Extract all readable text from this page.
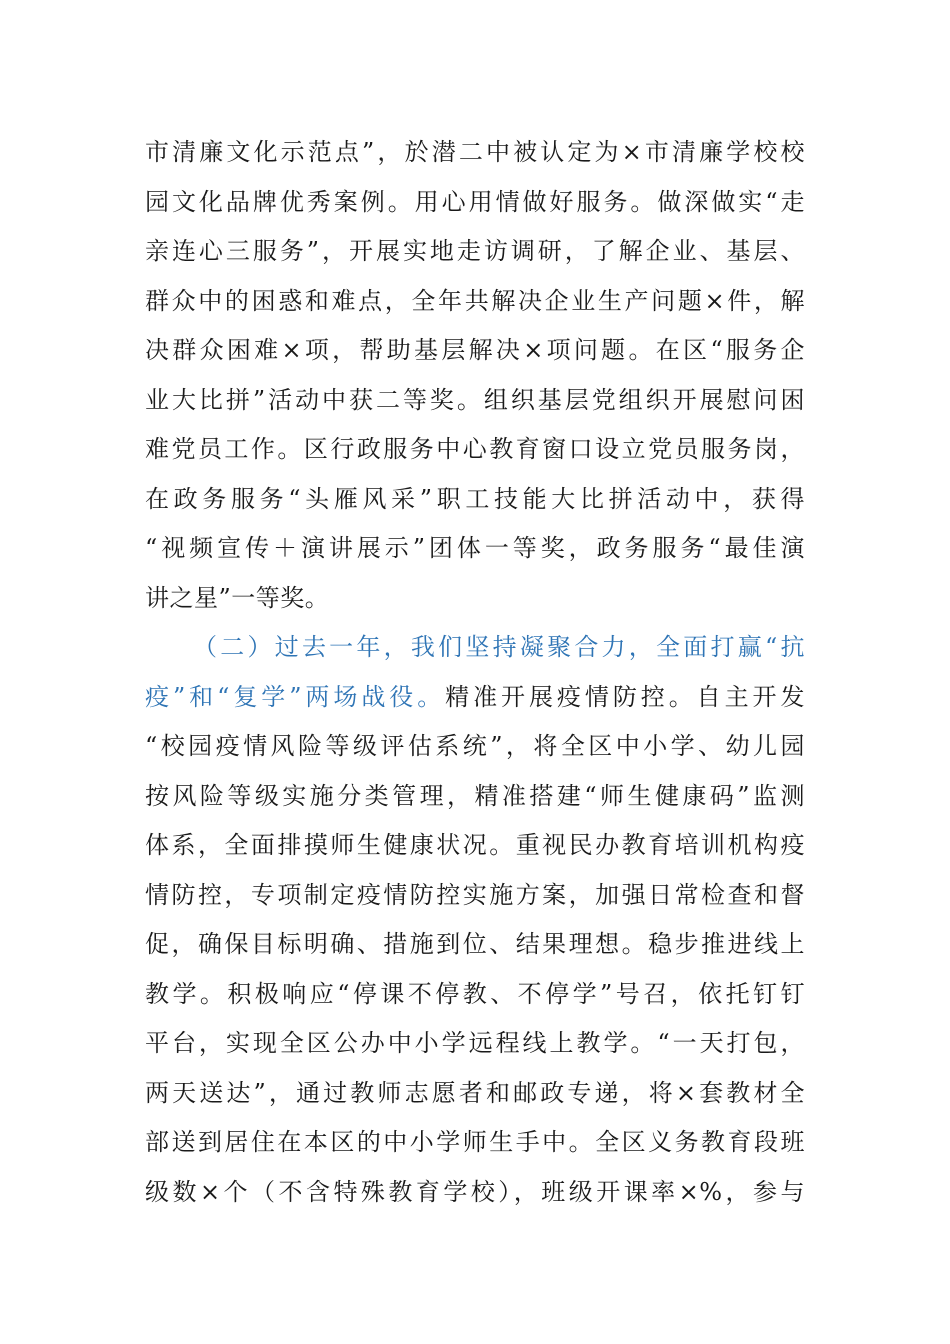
市清廉文化示范点”，於潜二中被认定为×市清廉学校校
园文化品牌优秀案例。用心用情做好服务。做深做实“走
亲连心三服务”，开展实地走访调研，了解企业、基层、
群众中的困惑和难点，全年共解决企业生产问题×件，解
决群众困难×项，帮助基层解决×项问题。在区“服务企
业大比拼”活动中获二等奖。组织基层党组织开展慰问困
难党员工作。区行政服务中心教育窗口设立党员服务岗，
在政务服务“头雁风采”职工技能大比拼活动中，获得
“视频宣传＋演讲展示”团体一等奖，政务服务“最佳演
讲之星”一等奖。
（二）过去一年，我们坚持凝聚合力，全面打赢“抗
疫”和“复学”两场战役。精准开展疫情防控。自主开发
“校园疫情风险等级评估系统”，将全区中小学、幼儿园
按风险等级实施分类管理，精准搭建“师生健康码”监测
体系，全面排摸师生健康状况。重视民办教育培训机构疫
情防控，专项制定疫情防控实施方案，加强日常检查和督
促，确保目标明确、措施到位、结果理想。稳步推进线上
教学。积极响应“停课不停教、不停学”号召，依托钉钉
平台，实现全区公办中小学远程线上教学。“一天打包，
两天送达”，通过教师志愿者和邮政专递，将×套教材全
部送到居住在本区的中小学师生手中。全区义务教育段班
级数×个（不含特殊教育学校），班级开课率×%，参与
